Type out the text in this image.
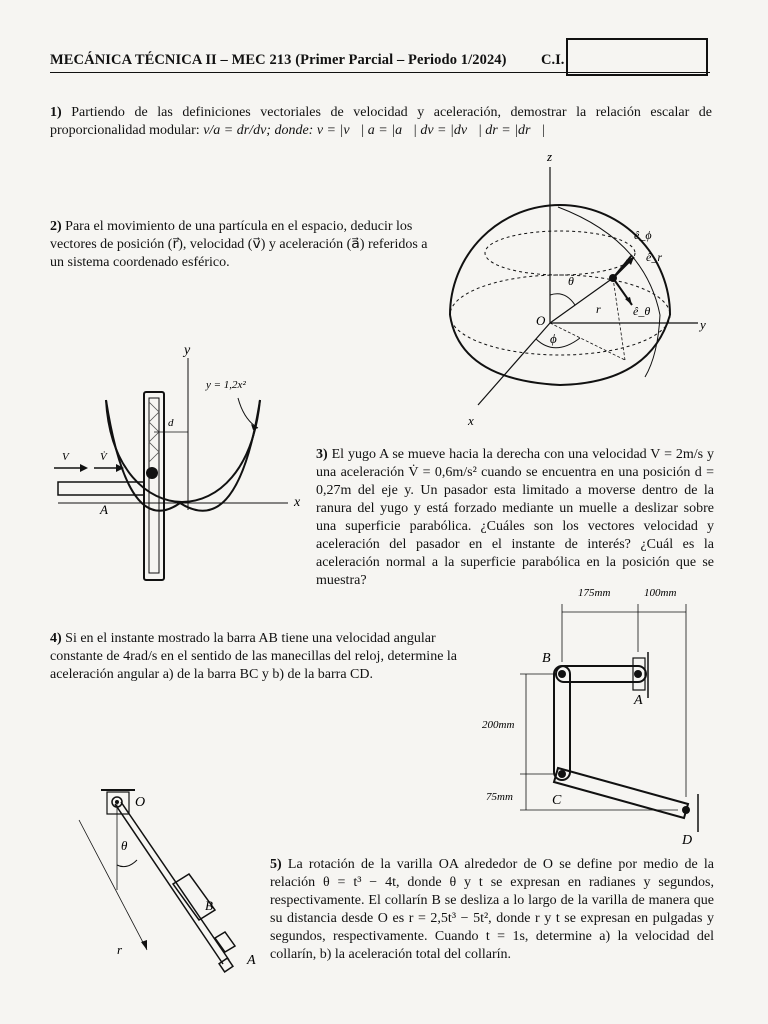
MECÁNICA TÉCNICA II – MEC 213 (Primer Parcial – Periodo 1/2024) C.I.
1) Partiendo de las definiciones vectoriales de velocidad y aceleración, demostrar la relación escalar de proporcionalidad modular: v/a = dr/dv; donde: v = |v⃗| a = |a⃗| dv = |dv⃗| dr = |dr⃗|
2) Para el movimiento de una partícula en el espacio, deducir los vectores de posición (r⃗), velocidad (v⃗) y aceleración (a⃗) referidos a un sistema coordenado esférico.
z
y
x
r⃗
ê_ϕ
ê_r
ê_θ
θ
ϕ
O
y
x
y = 1,2x²
d
V	V̇
A
3) El yugo A se mueve hacia la derecha con una velocidad V = 2m/s y una aceleración V̇ = 0,6m/s² cuando se encuentra en una posición d = 0,27m del eje y. Un pasador esta limitado a moverse dentro de la ranura del yugo y está forzado mediante un muelle a deslizar sobre una superficie parabólica. ¿Cuáles son los vectores velocidad y aceleración del pasador en el instante de interés? ¿Cuál es la aceleración normal a la superficie parabólica en la posición que se muestra?
175mm	100mm
200mm
75mm
B
A
C
D
4) Si en el instante mostrado la barra AB tiene una velocidad angular constante de 4rad/s en el sentido de las manecillas del reloj, determine la aceleración angular a) de la barra BC y b) de la barra CD.
O
θ
B
A
r
5) La rotación de la varilla OA alrededor de O se define por medio de la relación θ = t³ − 4t, donde θ y t se expresan en radianes y segundos, respectivamente. El collarín B se desliza a lo largo de la varilla de manera que su distancia desde O es r = 2,5t³ − 5t², donde r y t se expresan en pulgadas y segundos, respectivamente. Cuando t = 1s, determine a) la velocidad del collarín, b) la aceleración total del collarín.
